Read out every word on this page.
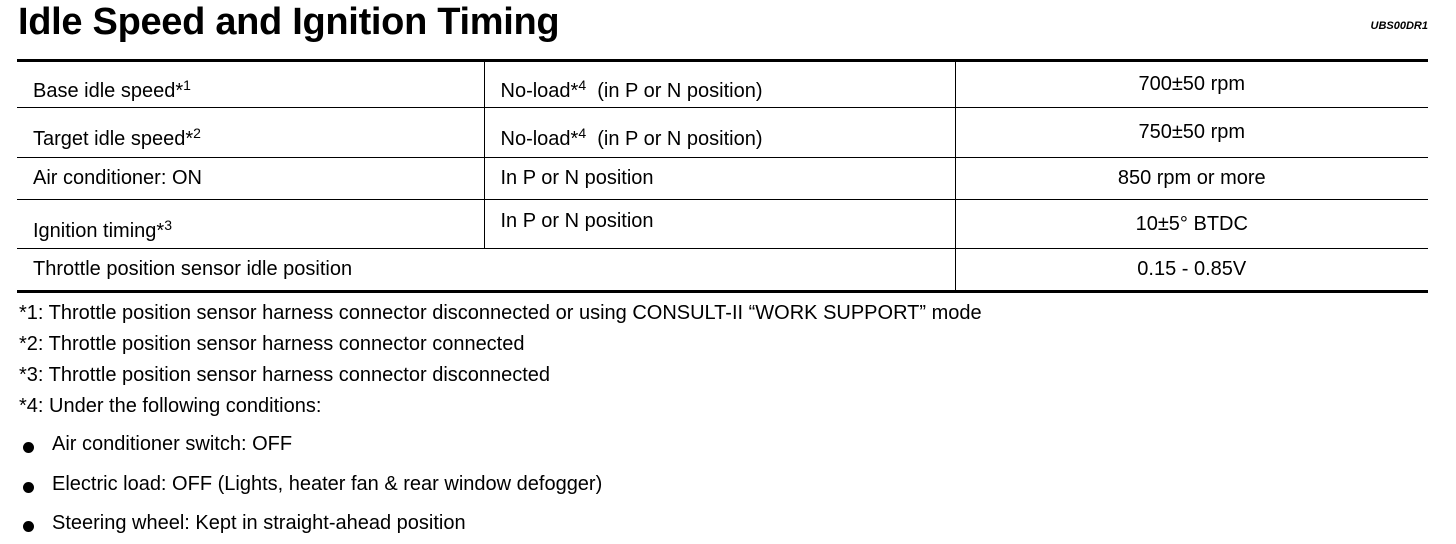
Idle Speed and Ignition Timing	UBS00DR1
Base idle speed*$^1$	No-load*$^4$ (in P or N position)	700±50 rpm
Target idle speed*$^2$	No-load*$^4$ (in P or N position)	750±50 rpm
Air conditioner: ON	In P or N position	850 rpm or more
Ignition timing*$^3$	In P or N position	10±5° BTDC
Throttle position sensor idle position		0.15 - 0.85V
*1: Throttle position sensor harness connector disconnected or using CONSULT-II “WORK SUPPORT” mode
*2: Throttle position sensor harness connector connected
*3: Throttle position sensor harness connector disconnected
*4: Under the following conditions:
Air conditioner switch: OFF
Electric load: OFF (Lights, heater fan & rear window defogger)
Steering wheel: Kept in straight-ahead position
